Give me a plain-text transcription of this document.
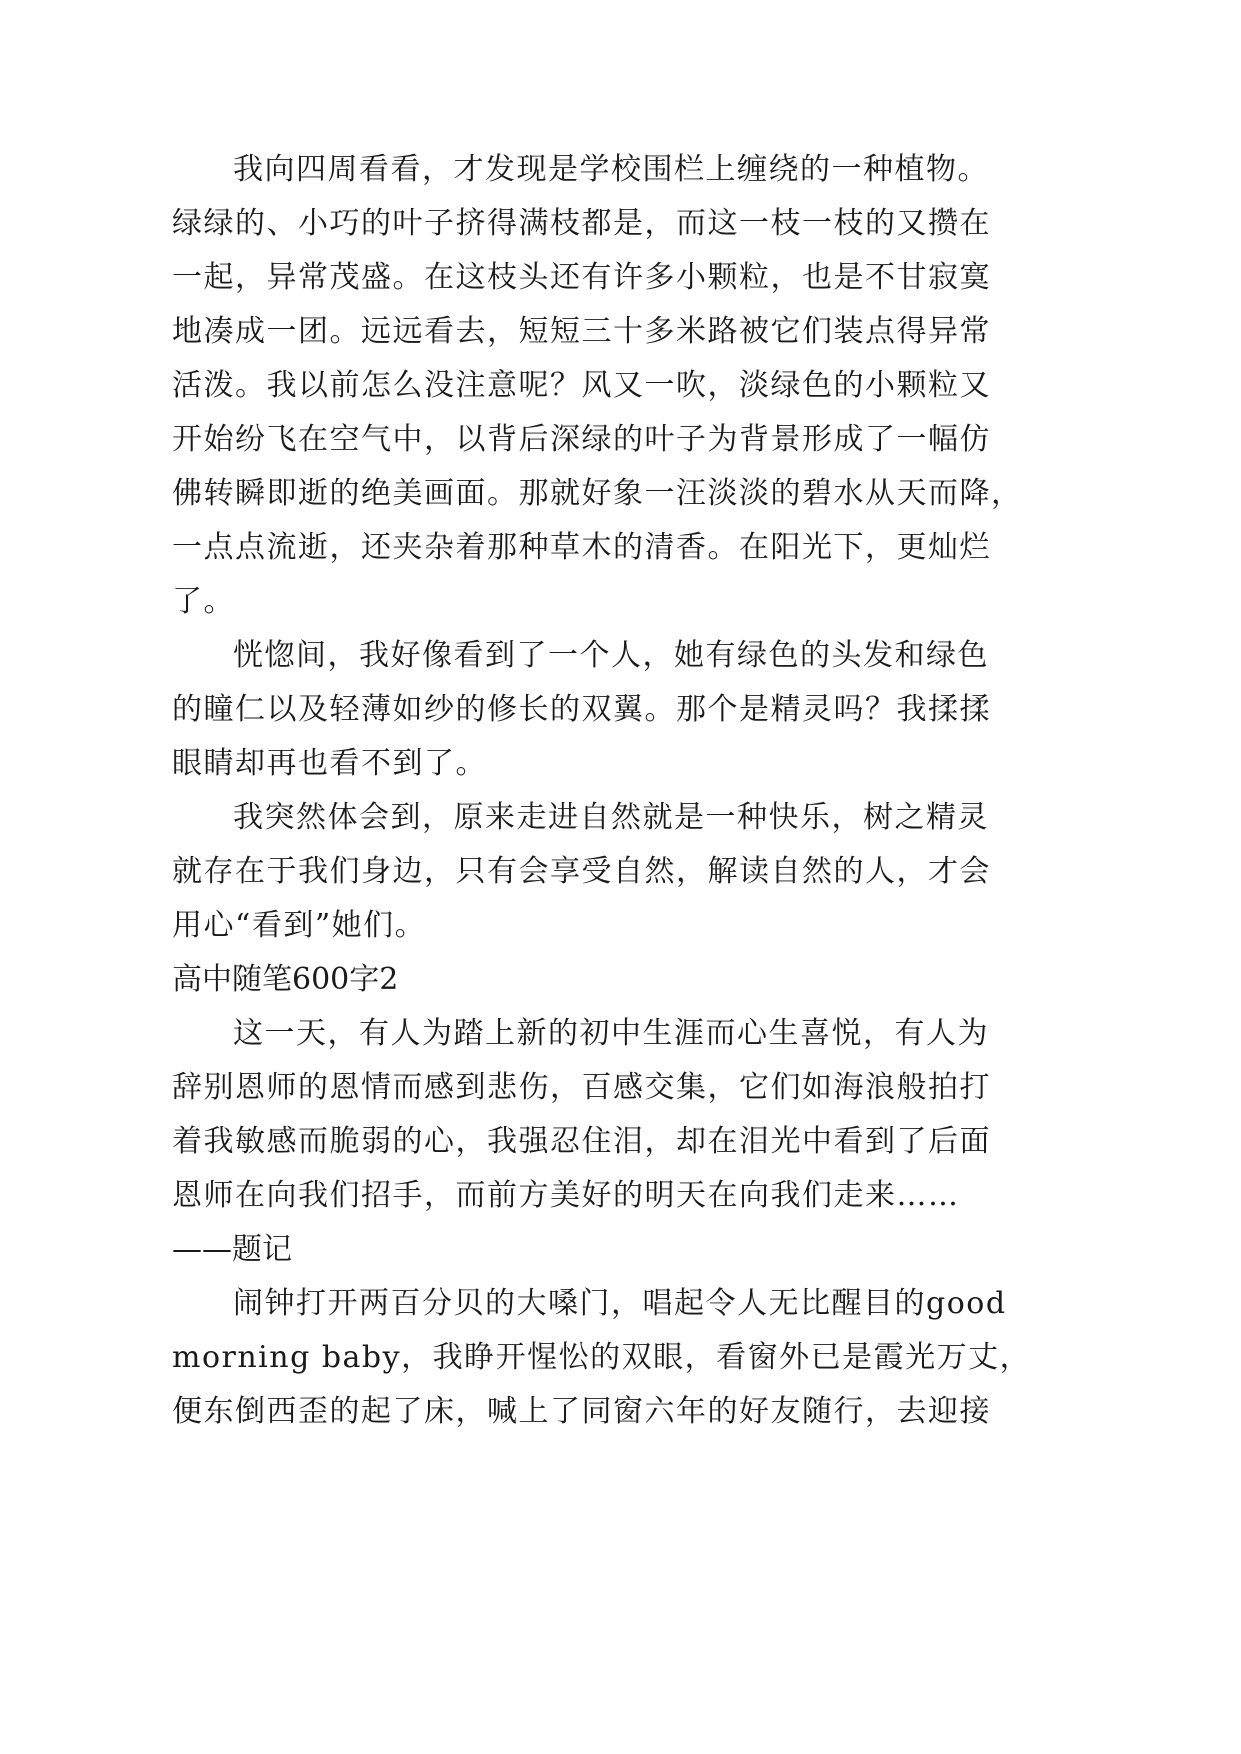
我向四周看看，才发现是学校围栏上缠绕的一种植物。
绿绿的、小巧的叶子挤得满枝都是，而这一枝一枝的又攒在
一起，异常茂盛。在这枝头还有许多小颗粒，也是不甘寂寞
地凑成一团。远远看去，短短三十多米路被它们装点得异常
活泼。我以前怎么没注意呢？风又一吹，淡绿色的小颗粒又
开始纷飞在空气中，以背后深绿的叶子为背景形成了一幅仿
佛转瞬即逝的绝美画面。那就好象一汪淡淡的碧水从天而降，
一点点流逝，还夹杂着那种草木的清香。在阳光下，更灿烂
了。
恍惚间，我好像看到了一个人，她有绿色的头发和绿色
的瞳仁以及轻薄如纱的修长的双翼。那个是精灵吗？我揉揉
眼睛却再也看不到了。
我突然体会到，原来走进自然就是一种快乐，树之精灵
就存在于我们身边，只有会享受自然，解读自然的人，才会
用心“看到”她们。
高中随笔600字2
这一天，有人为踏上新的初中生涯而心生喜悦，有人为
辞别恩师的恩情而感到悲伤，百感交集，它们如海浪般拍打
着我敏感而脆弱的心，我强忍住泪，却在泪光中看到了后面
恩师在向我们招手，而前方美好的明天在向我们走来……
——题记
闹钟打开两百分贝的大嗓门，唱起令人无比醒目的good
morning baby，我睁开惺忪的双眼，看窗外已是霞光万丈，
便东倒西歪的起了床，喊上了同窗六年的好友随行，去迎接
